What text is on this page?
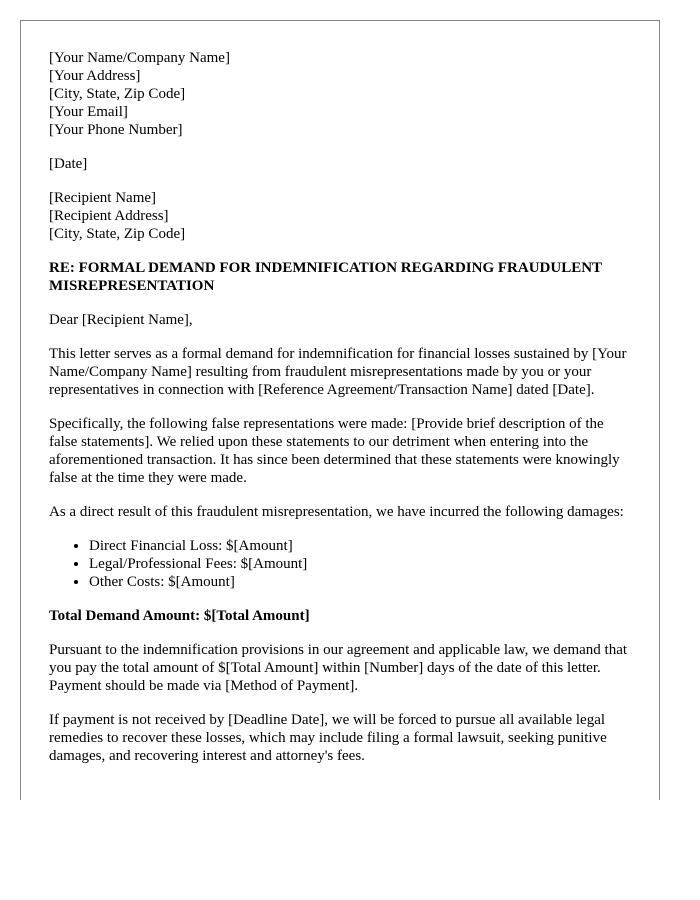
[Your Name/Company Name]
[Your Address]
[City, State, Zip Code]
[Your Email]
[Your Phone Number]
[Date]
[Recipient Name]
[Recipient Address]
[City, State, Zip Code]
RE: FORMAL DEMAND FOR INDEMNIFICATION REGARDING FRAUDULENT MISREPRESENTATION

Dear [Recipient Name],

This letter serves as a formal demand for indemnification for financial losses sustained by [Your Name/Company Name] resulting from fraudulent misrepresentations made by you or your representatives in connection with [Reference Agreement/Transaction Name] dated [Date].

Specifically, the following false representations were made: [Provide brief description of the false statements]. We relied upon these statements to our detriment when entering into the aforementioned transaction. It has since been determined that these statements were knowingly false at the time they were made.

As a direct result of this fraudulent misrepresentation, we have incurred the following damages:

• Direct Financial Loss: $[Amount]
• Legal/Professional Fees: $[Amount]
• Other Costs: $[Amount]
Total Demand Amount: $[Total Amount]

Pursuant to the indemnification provisions in our agreement and applicable law, we demand that you pay the total amount of $[Total Amount] within [Number] days of the date of this letter. Payment should be made via [Method of Payment].

If payment is not received by [Deadline Date], we will be forced to pursue all available legal remedies to recover these losses, which may include filing a formal lawsuit, seeking punitive damages, and recovering interest and attorney's fees.
